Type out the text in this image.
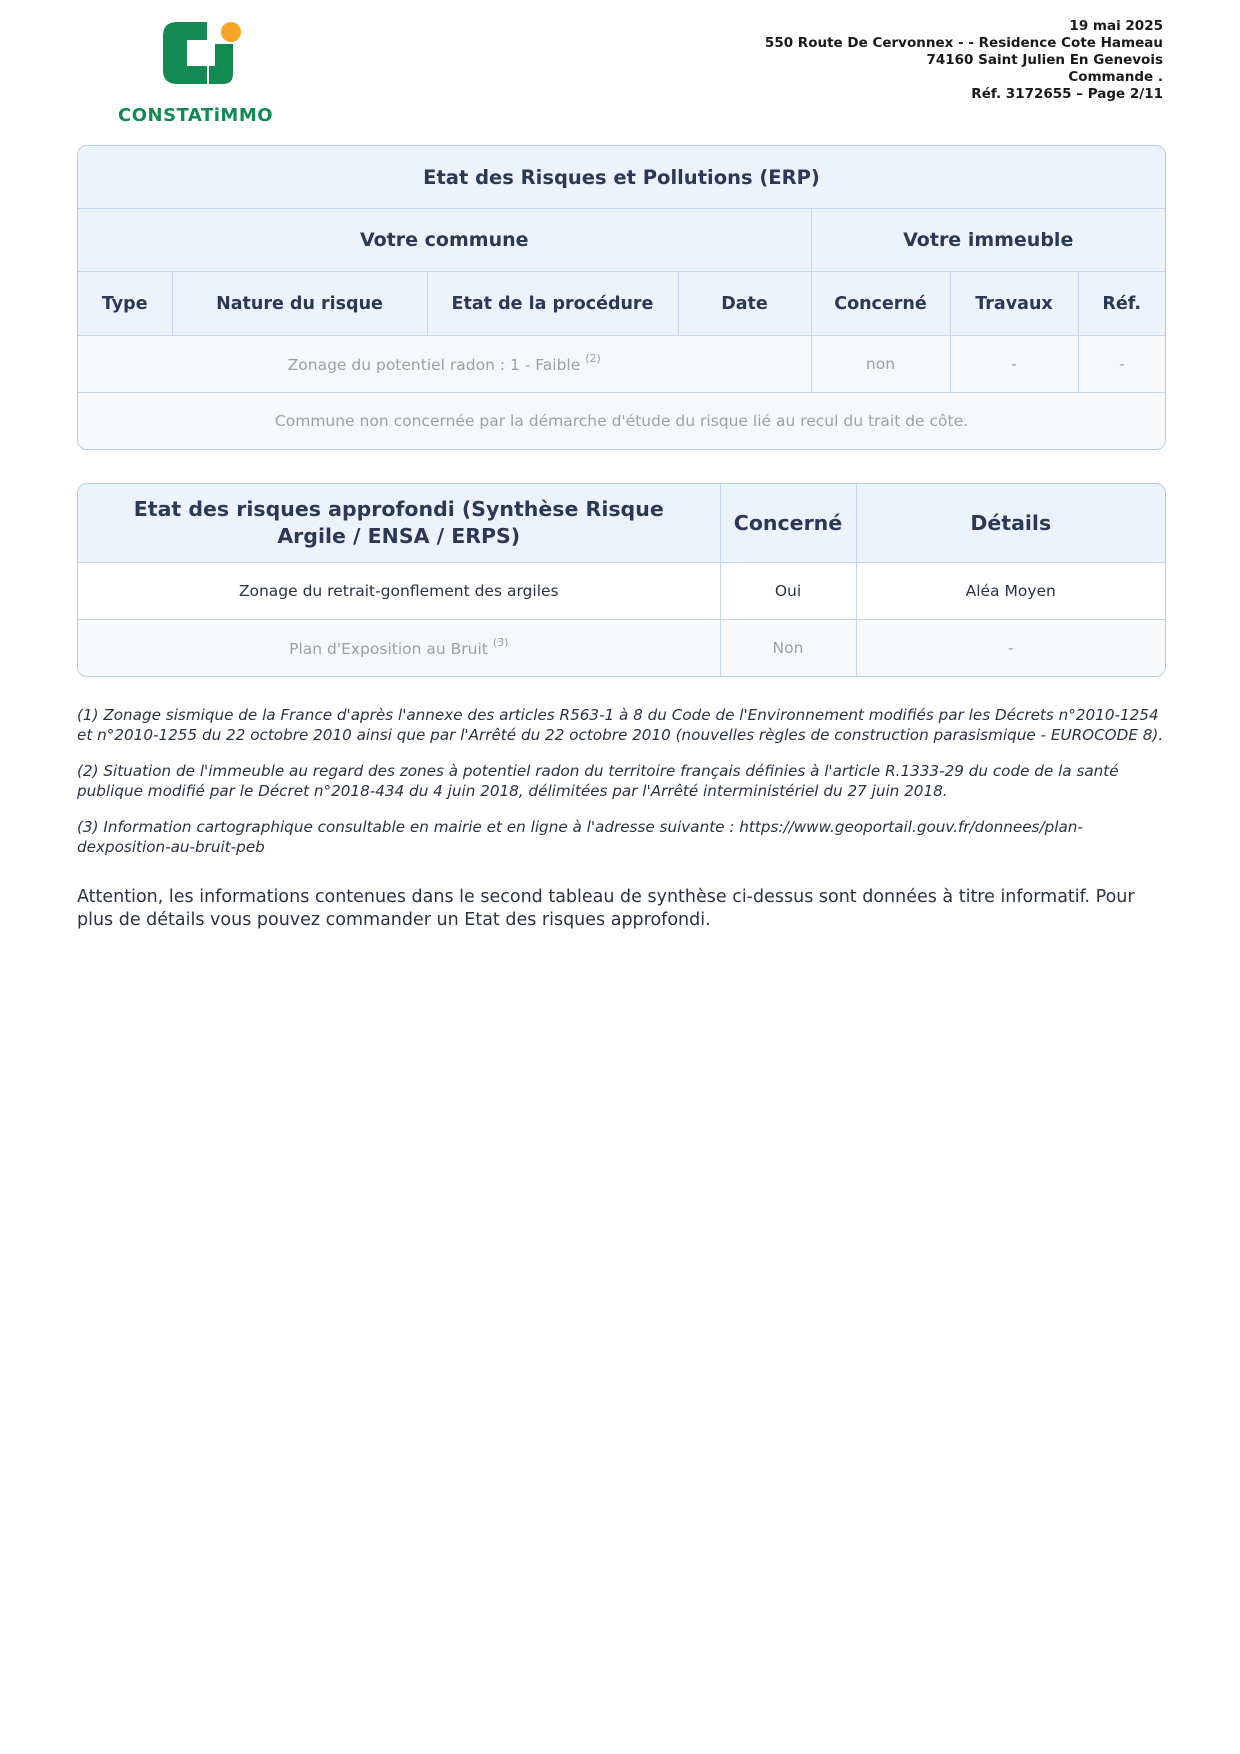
CONSTATiMMO
19 mai 2025
550 Route De Cervonnex - - Residence Cote Hameau
74160 Saint Julien En Genevois
Commande .
Réf. 3172655 – Page 2/11
Etat des Risques et Pollutions (ERP)						
Votre commune				Votre immeuble		
Type	Nature du risque	Etat de la procédure	Date	Concerné	Travaux	Réf.
Zonage du potentiel radon : 1 - Faible $^{(2)}$				non	-	-
Commune non concernée par la démarche d'étude du risque lié au recul du trait de côte.						
Etat des risques approfondi (Synthèse Risque Argile / ENSA / ERPS)	Concerné	Détails
Zonage du retrait-gonflement des argiles	Oui	Aléa Moyen
Plan d'Exposition au Bruit $^{(3)}$	Non	-

(1) Zonage sismique de la France d'après l'annexe des articles R563-1 à 8 du Code de l'Environnement modifiés par les Décrets n°2010-1254 et n°2010-1255 du 22 octobre 2010 ainsi que par l'Arrêté du 22 octobre 2010 (nouvelles règles de construction parasismique - EUROCODE 8).

(2) Situation de l'immeuble au regard des zones à potentiel radon du territoire français définies à l'article R.1333-29 du code de la santé publique modifié par le Décret n°2018-434 du 4 juin 2018, délimitées par l'Arrêté interministériel du 27 juin 2018.

(3) Information cartographique consultable en mairie et en ligne à l'adresse suivante : https://www.geoportail.gouv.fr/donnees/plan-dexposition-au-bruit-peb

Attention, les informations contenues dans le second tableau de synthèse ci-dessus sont données à titre informatif. Pour plus de détails vous pouvez commander un Etat des risques approfondi.
